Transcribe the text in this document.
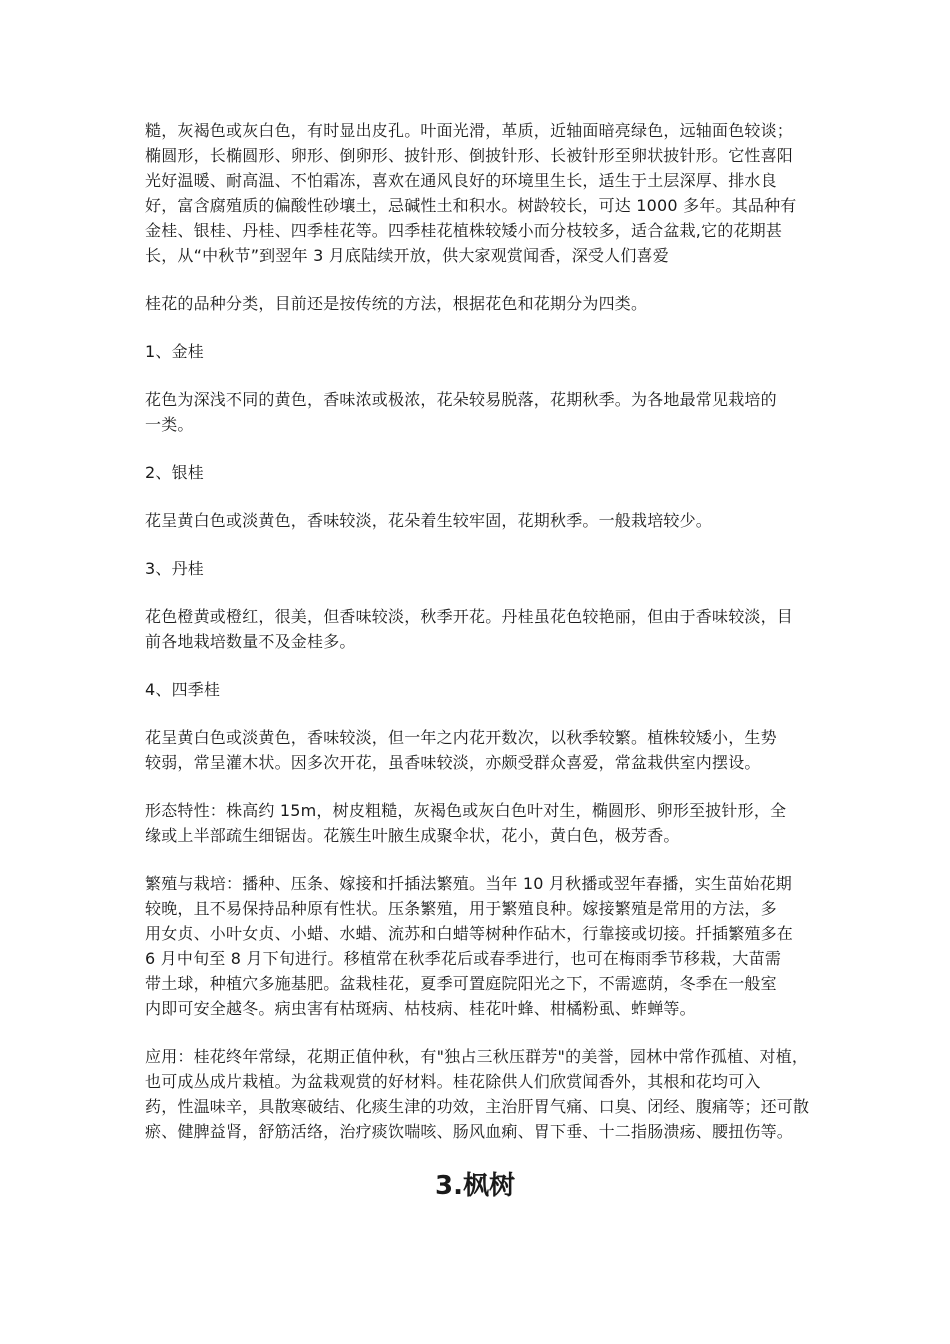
糙，灰褐色或灰白色，有时显出皮孔。叶面光滑，革质，近轴面暗亮绿色，远轴面色较谈；
椭圆形，长椭圆形、卵形、倒卵形、披针形、倒披针形、长被针形至卵状披针形。它性喜阳
光好温暖、耐高温、不怕霜冻，喜欢在通风良好的环境里生长，适生于土层深厚、排水良
好，富含腐殖质的偏酸性砂壤土，忌碱性土和积水。树龄较长，可达 1000 多年。其品种有
金桂、银桂、丹桂、四季桂花等。四季桂花植株较矮小而分枝较多，适合盆栽,它的花期甚
长，从“中秋节”到翌年 3 月底陆续开放，供大家观赏闻香，深受人们喜爱

桂花的品种分类，目前还是按传统的方法，根据花色和花期分为四类。

1、金桂

花色为深浅不同的黄色，香味浓或极浓，花朵较易脱落，花期秋季。为各地最常见栽培的
一类。

2、银桂

花呈黄白色或淡黄色，香味较淡，花朵着生较牢固，花期秋季。一般栽培较少。

3、丹桂

花色橙黄或橙红，很美，但香味较淡，秋季开花。丹桂虽花色较艳丽，但由于香味较淡，目
前各地栽培数量不及金桂多。

4、四季桂

花呈黄白色或淡黄色，香味较淡，但一年之内花开数次，以秋季较繁。植株较矮小，生势
较弱，常呈灌木状。因多次开花，虽香味较淡，亦颇受群众喜爱，常盆栽供室内摆设。

形态特性：株高约 15m，树皮粗糙，灰褐色或灰白色叶对生，椭圆形、卵形至披针形，全
缘或上半部疏生细锯齿。花簇生叶腋生成聚伞状，花小，黄白色，极芳香。

繁殖与栽培：播种、压条、嫁接和扦插法繁殖。当年 10 月秋播或翌年春播，实生苗始花期
较晚，且不易保持品种原有性状。压条繁殖，用于繁殖良种。嫁接繁殖是常用的方法，多
用女贞、小叶女贞、小蜡、水蜡、流苏和白蜡等树种作砧木，行靠接或切接。扦插繁殖多在
6 月中旬至 8 月下旬进行。移植常在秋季花后或春季进行，也可在梅雨季节移栽，大苗需
带土球，种植穴多施基肥。盆栽桂花，夏季可置庭院阳光之下，不需遮荫，冬季在一般室
内即可安全越冬。病虫害有枯斑病、枯枝病、桂花叶蜂、柑橘粉虱、蚱蝉等。

应用：桂花终年常绿，花期正值仲秋，有"独占三秋压群芳"的美誉，园林中常作孤植、对植，
也可成丛成片栽植。为盆栽观赏的好材料。桂花除供人们欣赏闻香外，其根和花均可入
药，性温味辛，具散寒破结、化痰生津的功效，主治肝胃气痛、口臭、闭经、腹痛等；还可散
瘀、健脾益肾，舒筋活络，治疗痰饮喘咳、肠风血痢、胃下垂、十二指肠溃疡、腰扭伤等。

3.枫树
